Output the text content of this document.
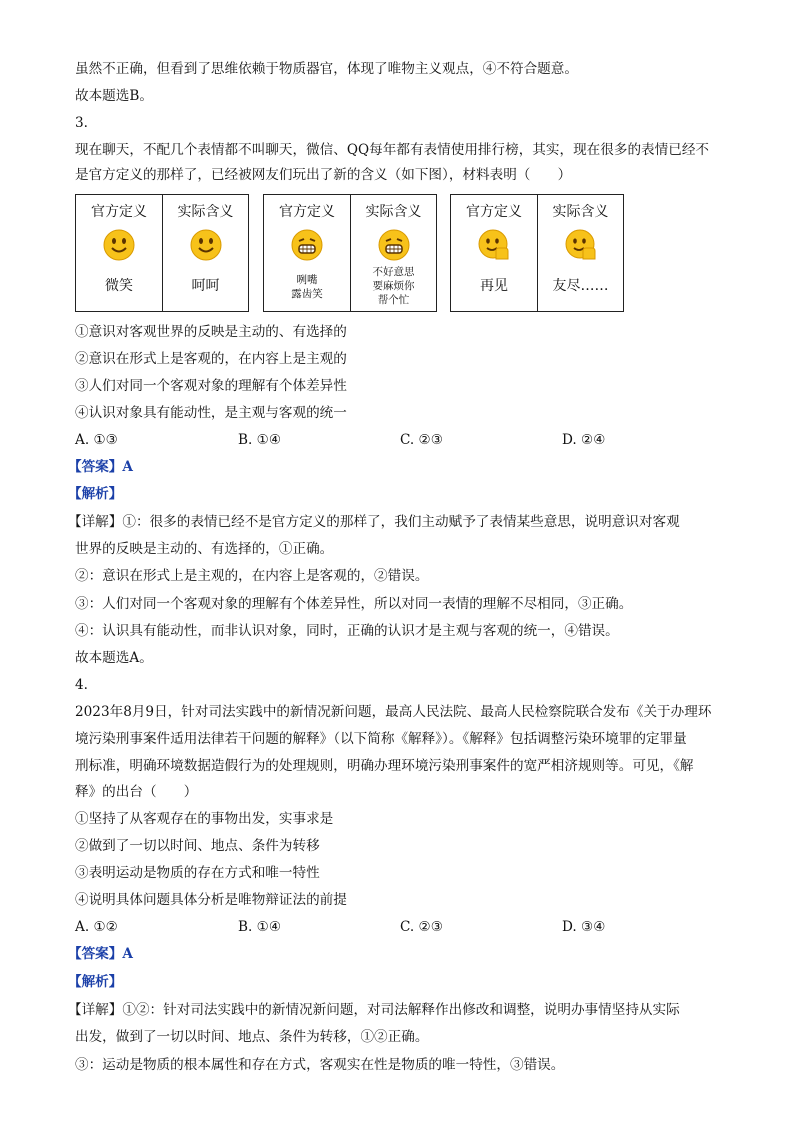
虽然不正确，但看到了思维依赖于物质器官，体现了唯物主义观点，④不符合题意。
故本题选B。
3.
现在聊天，不配几个表情都不叫聊天，微信、QQ每年都有表情使用排行榜，其实，现在很多的表情已经不
是官方定义的那样了，已经被网友们玩出了新的含义（如下图），材料表明（　　）
官方定义
微笑
实际含义
呵呵
官方定义
咧嘴
露齿笑
实际含义
不好意思
要麻烦你
帮个忙
官方定义
再见
实际含义
友尽……
①意识对客观世界的反映是主动的、有选择的
②意识在形式上是客观的，在内容上是主观的
③人们对同一个客观对象的理解有个体差异性
④认识对象具有能动性，是主观与客观的统一
A. ①③	B. ①④	C. ②③	D. ②④
【答案】A
【解析】
【详解】①：很多的表情已经不是官方定义的那样了，我们主动赋予了表情某些意思，说明意识对客观
世界的反映是主动的、有选择的，①正确。
②：意识在形式上是主观的，在内容上是客观的，②错误。
③：人们对同一个客观对象的理解有个体差异性，所以对同一表情的理解不尽相同，③正确。
④：认识具有能动性，而非认识对象，同时，正确的认识才是主观与客观的统一，④错误。
故本题选A。
4.
2023年8月9日，针对司法实践中的新情况新问题，最高人民法院、最高人民检察院联合发布《关于办理环
境污染刑事案件适用法律若干问题的解释》（以下简称《解释》）。《解释》包括调整污染环境罪的定罪量
刑标准，明确环境数据造假行为的处理规则，明确办理环境污染刑事案件的宽严相济规则等。可见，《解
释》的出台（　　）
①坚持了从客观存在的事物出发，实事求是
②做到了一切以时间、地点、条件为转移
③表明运动是物质的存在方式和唯一特性
④说明具体问题具体分析是唯物辩证法的前提
A. ①②	B. ①④	C. ②③	D. ③④
【答案】A
【解析】
【详解】①②：针对司法实践中的新情况新问题，对司法解释作出修改和调整，说明办事情坚持从实际
出发，做到了一切以时间、地点、条件为转移，①②正确。
③：运动是物质的根本属性和存在方式，客观实在性是物质的唯一特性，③错误。
